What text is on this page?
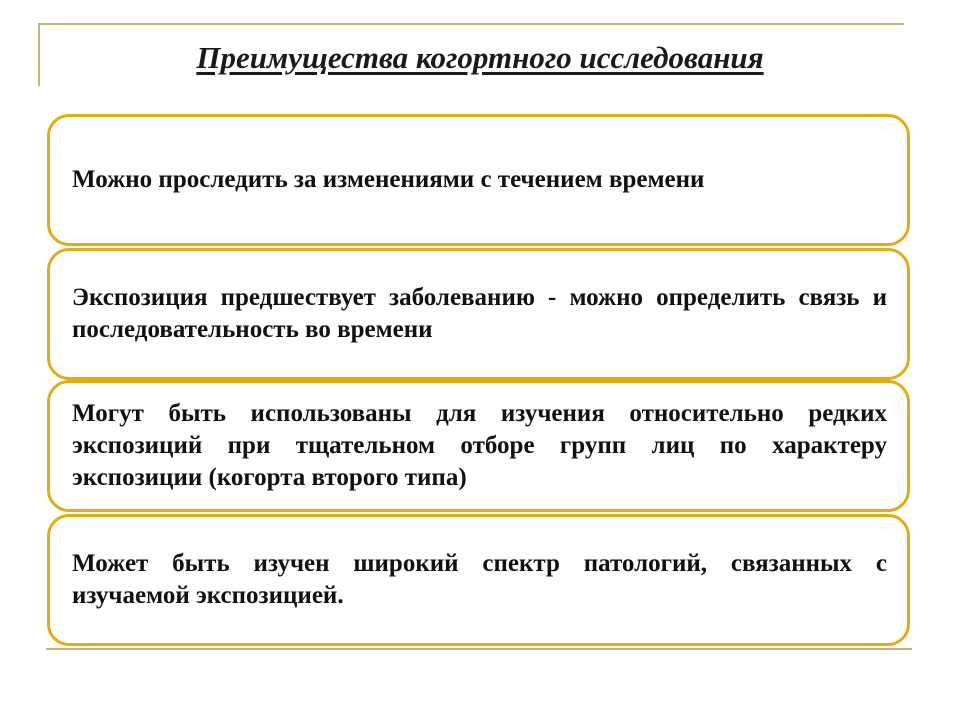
Преимущества когортного исследования
Можно проследить за изменениями с течением времени
Экспозиция предшествует заболеванию - можно определить связь и последовательность во времени
Могут быть использованы для изучения относительно редких экспозиций при тщательном отборе групп лиц по характеру экспозиции (когорта второго типа)
Может быть изучен широкий спектр патологий, связанных с изучаемой экспозицией.
